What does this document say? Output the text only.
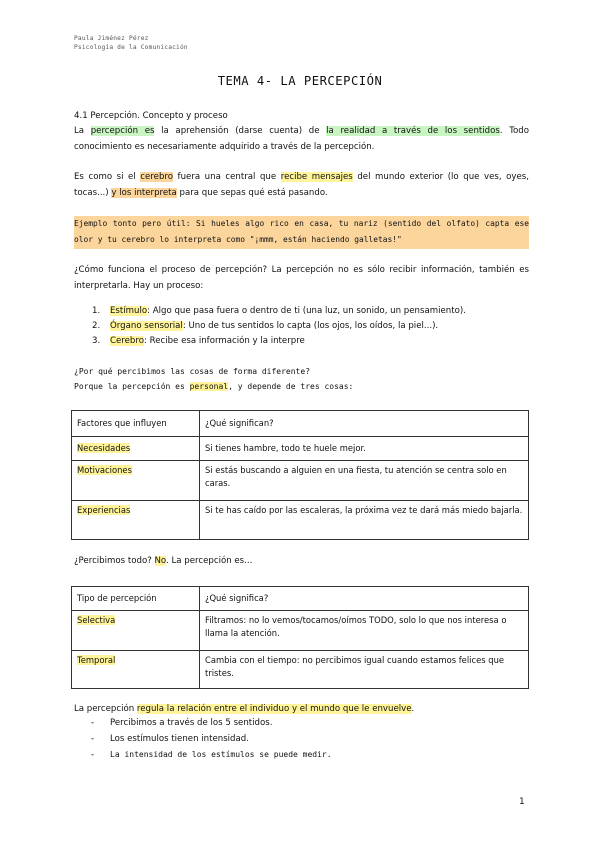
Paula Jiménez Pérez
Psicología de la Comunicación
TEMA 4- LA PERCEPCIÓN
4.1 Percepción. Concepto y proceso
La percepción es la aprehensión (darse cuenta) de la realidad a través de los sentidos. Todo conocimiento es necesariamente adquirido a través de la percepción.
Es como si el cerebro fuera una central que recibe mensajes del mundo exterior (lo que ves, oyes, tocas...) y los interpreta para que sepas qué está pasando.
Ejemplo tonto pero útil: Si hueles algo rico en casa, tu nariz (sentido del olfato) capta ese olor y tu cerebro lo interpreta como "¡mmm, están haciendo galletas!"
¿Cómo funciona el proceso de percepción? La percepción no es sólo recibir información, también es interpretarla. Hay un proceso:
1.	Estímulo: Algo que pasa fuera o dentro de ti (una luz, un sonido, un pensamiento).
2.	Órgano sensorial: Uno de tus sentidos lo capta (los ojos, los oídos, la piel...).
3.	Cerebro: Recibe esa información y la interpre
¿Por qué percibimos las cosas de forma diferente?
Porque la percepción es personal, y depende de tres cosas:
Factores que influyen	¿Qué significan?
Necesidades	Si tienes hambre, todo te huele mejor.
Motivaciones	Si estás buscando a alguien en una fiesta, tu atención se centra solo en caras.
Experiencias	Si te has caído por las escaleras, la próxima vez te dará más miedo bajarla.
¿Percibimos todo? No. La percepción es...
Tipo de percepción	¿Qué significa?
Selectiva	Filtramos: no lo vemos/tocamos/oímos TODO, solo lo que nos interesa o llama la atención.
Temporal	Cambia con el tiempo: no percibimos igual cuando estamos felices que tristes.
La percepción regula la relación entre el individuo y el mundo que le envuelve.
- Percibimos a través de los 5 sentidos.
- Los estímulos tienen intensidad.
- La intensidad de los estímulos se puede medir.
1
